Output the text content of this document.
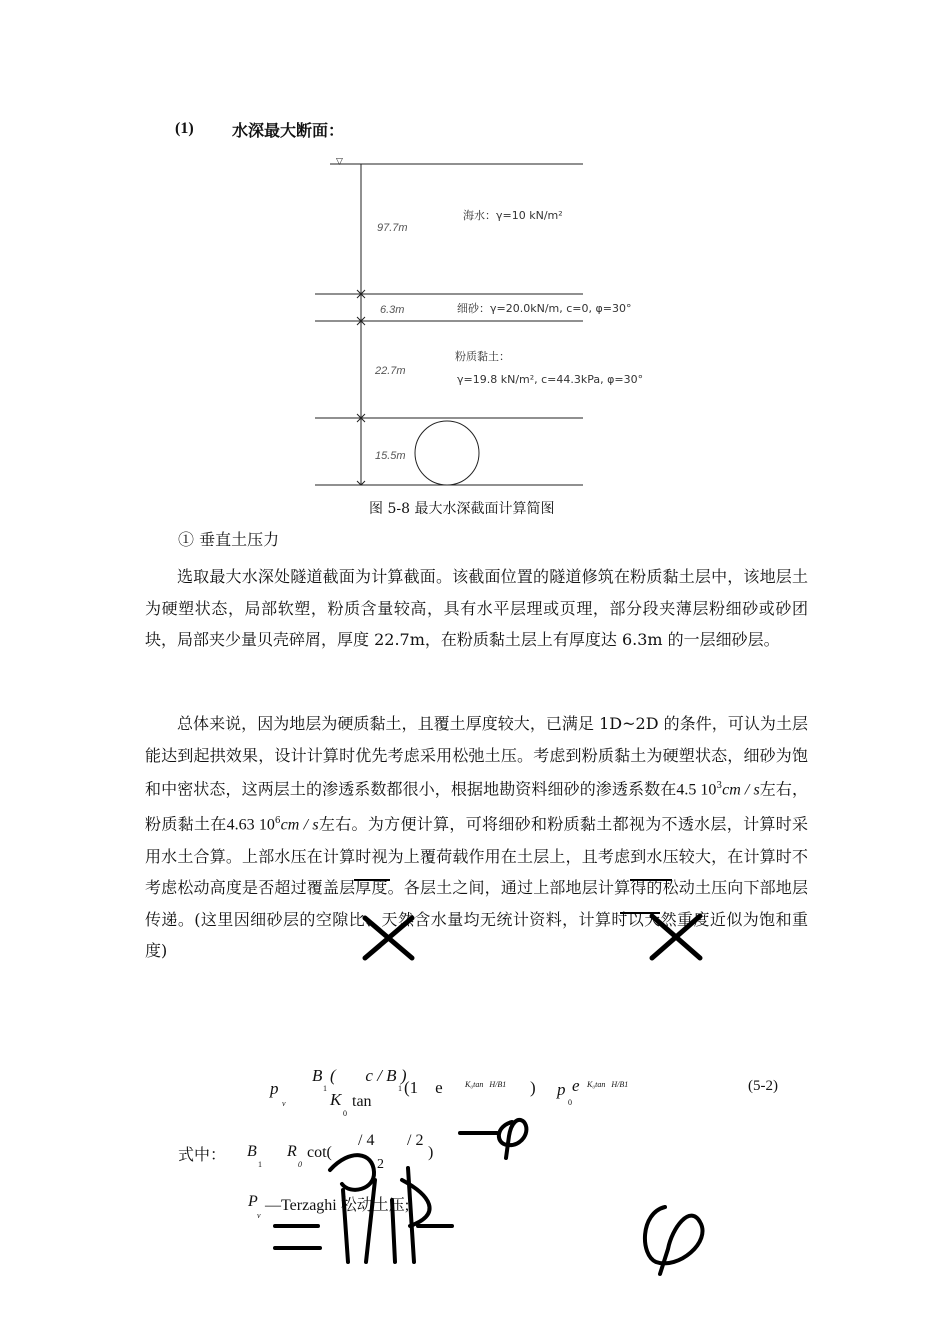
(1) 水深最大断面：
▽
97.7m
6.3m
22.7m
15.5m
海水：γ=10 kN/m²
细砂：γ=20.0kN/m, c=0, φ=30°
粉质黏土：
γ=19.8 kN/m², c=44.3kPa, φ=30°
图 5-8 最大水深截面计算简图
① 垂直土压力

选取最大水深处隧道截面为计算截面。该截面位置的隧道修筑在粉质黏土层中，该地层土为硬塑状态，局部软塑，粉质含量较高，具有水平层理或页理，部分段夹薄层粉细砂或砂团块，局部夹少量贝壳碎屑，厚度 22.7m，在粉质黏土层上有厚度达 6.3m 的一层细砂层。

总体来说，因为地层为硬质黏土，且覆土厚度较大，已满足 1D~2D 的条件，可认为土层能达到起拱效果，设计计算时优先考虑采用松弛土压。考虑到粉质黏土为硬塑状态，细砂为饱和中密状态，这两层土的渗透系数都很小，根据地勘资料细砂的渗透系数在4.5 $10^3cm$ / s左右，粉质黏土在4.63 $10^6cm$ / s左右。为方便计算，可将细砂和粉质黏土都视为不透水层，计算时采用水土合算。上部水压在计算时视为上覆荷载作用在土层上，且考虑到水压较大，在计算时不考虑松动高度是否超过覆盖层厚度。各层土之间，通过上部地层计算得的松动土压向下部地层传递。(这里因细砂层的空隙比、天然含水量均无统计资料，计算时以天然重度近似为饱和重度)

p
v
B
1
(       c / B )
1
K
0
tan
(1    e	K₀tan   H/B1 ) p
0
e K₀tan   H/B1	(5-2)
式中： B
1
R
0
cot(
/ 4 / 2
)
2
P
v
—Terzaghi 松动土压;
